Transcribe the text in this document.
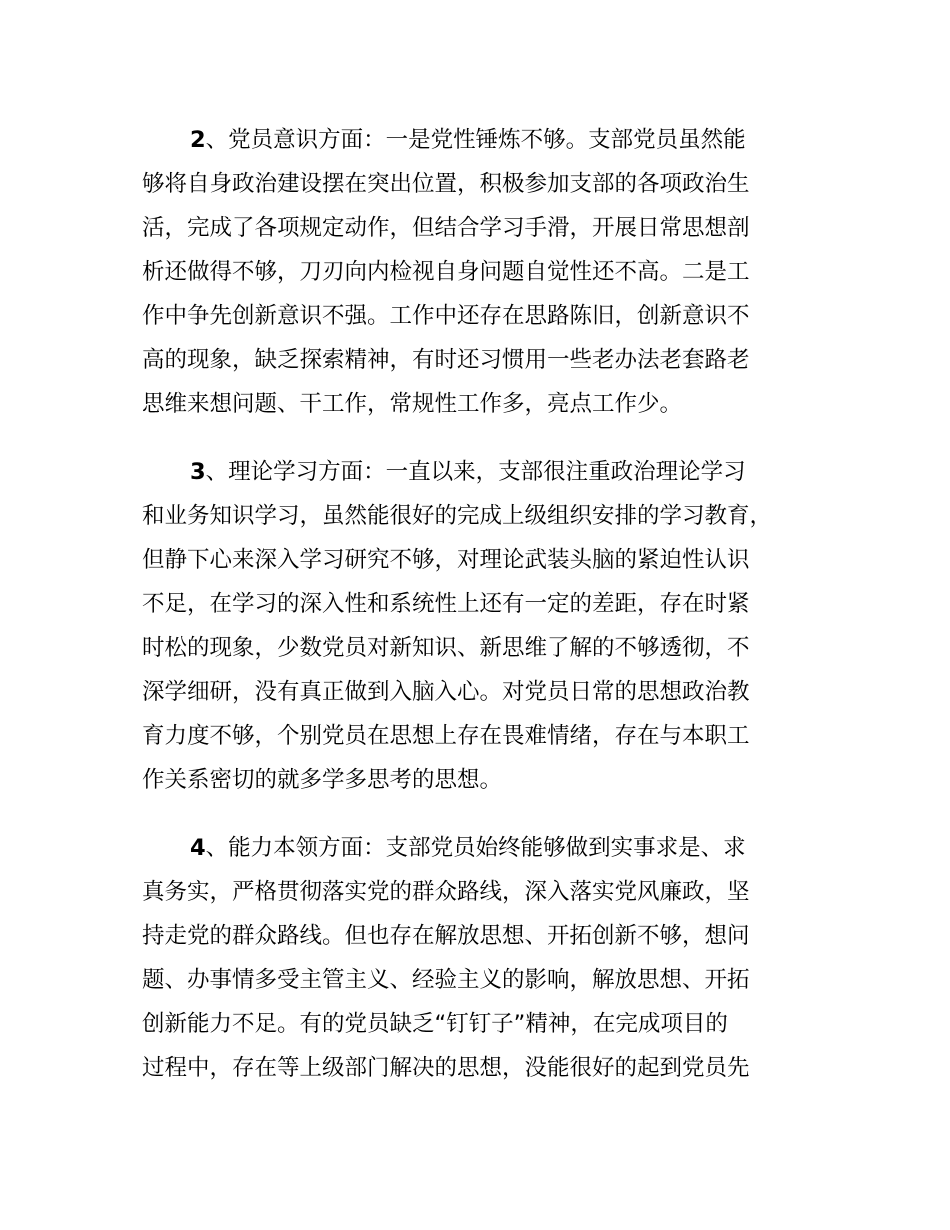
2、党员意识方面：一是党性锤炼不够。支部党员虽然能
够将自身政治建设摆在突出位置，积极参加支部的各项政治生
活，完成了各项规定动作，但结合学习手滑，开展日常思想剖
析还做得不够，刀刃向内检视自身问题自觉性还不高。二是工
作中争先创新意识不强。工作中还存在思路陈旧，创新意识不
高的现象，缺乏探索精神，有时还习惯用一些老办法老套路老
思维来想问题、干工作，常规性工作多，亮点工作少。
3、理论学习方面：一直以来，支部很注重政治理论学习
和业务知识学习，虽然能很好的完成上级组织安排的学习教育，
但静下心来深入学习研究不够，对理论武装头脑的紧迫性认识
不足，在学习的深入性和系统性上还有一定的差距，存在时紧
时松的现象，少数党员对新知识、新思维了解的不够透彻，不
深学细研，没有真正做到入脑入心。对党员日常的思想政治教
育力度不够，个别党员在思想上存在畏难情绪，存在与本职工
作关系密切的就多学多思考的思想。
4、能力本领方面：支部党员始终能够做到实事求是、求
真务实，严格贯彻落实党的群众路线，深入落实党风廉政，坚
持走党的群众路线。但也存在解放思想、开拓创新不够，想问
题、办事情多受主管主义、经验主义的影响，解放思想、开拓
创新能力不足。有的党员缺乏“钉钉子”精神，在完成项目的
过程中，存在等上级部门解决的思想，没能很好的起到党员先
